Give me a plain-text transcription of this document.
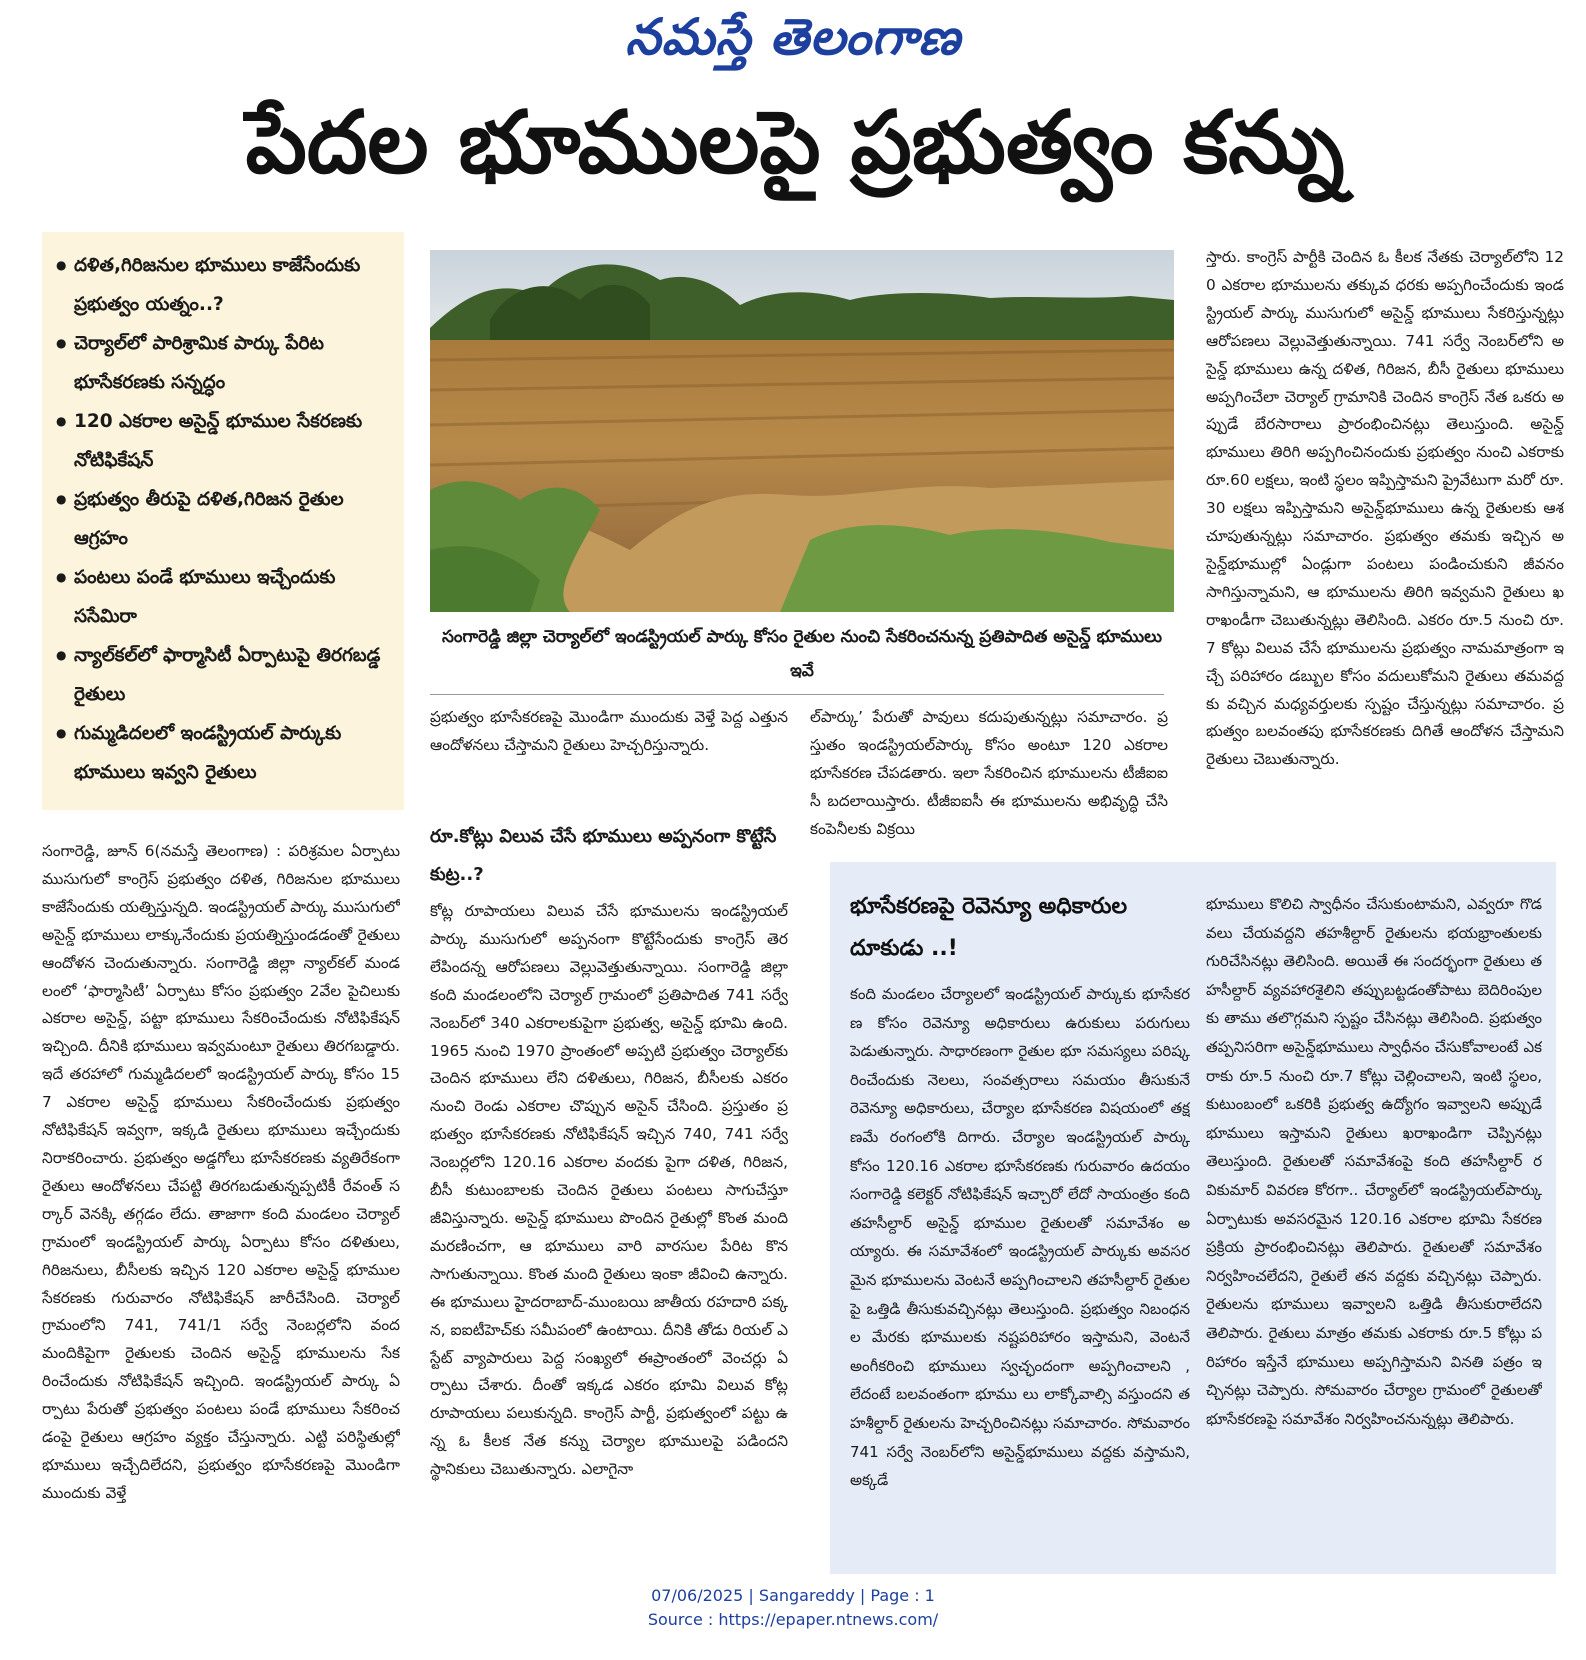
నమస్తే తెలంగాణ
పేదల భూములపై ప్రభుత్వం కన్ను
● దళిత,గిరిజనుల భూములు కాజేసేందుకు ప్రభుత్వం యత్నం..?
● చెర్యాల్‌లో పారిశ్రామిక పార్కు పేరిట భూసేకరణకు సన్నద్ధం
● 120 ఎకరాల అసైన్డ్ భూముల సేకరణకు నోటిఫికేషన్
● ప్రభుత్వం తీరుపై దళిత,గిరిజన రైతుల ఆగ్రహం
● పంటలు పండే భూములు ఇచ్చేందుకు ససేమిరా
● న్యాల్‌కల్‌లో ఫార్మాసిటీ ఏర్పాటుపై తిరగబడ్డ రైతులు
● గుమ్మడిదలలో ఇండస్ట్రియల్ పార్కుకు భూములు ఇవ్వని రైతులు
సంగారెడ్డి జిల్లా చెర్యాల్‌లో ఇండస్ట్రియల్ పార్కు కోసం రైతుల నుంచి సేకరించనున్న ప్రతిపాదిత అసైన్డ్ భూములు ఇవే
స్తారు. కాంగ్రెస్ పార్టీకి చెందిన ఓ కీలక నేతకు చెర్యాల్‌లోని 120 ఎకరాల భూములను తక్కువ ధరకు అప్పగించేందుకు ఇండస్ట్రియల్ పార్కు ముసుగులో అసైన్డ్ భూములు సేకరిస్తున్నట్లు ఆరోపణలు వెల్లువెత్తుతున్నాయి. 741 సర్వే నెంబర్‌లోని అసైన్డ్ భూములు ఉన్న దళిత, గిరిజన, బీసీ రైతులు భూములు అప్పగించేలా చెర్యాల్ గ్రామానికి చెందిన కాంగ్రెస్ నేత ఒకరు అప్పుడే బేరసారాలు ప్రారంభించినట్లు తెలుస్తుంది. అసైన్డ్ భూములు తిరిగి అప్పగించినందుకు ప్రభుత్వం నుంచి ఎకరాకు రూ.60 లక్షలు, ఇంటి స్థలం ఇప్పిస్తామని ప్రైవేటుగా మరో రూ.30 లక్షలు ఇప్పిస్తామని అసైన్డ్‌భూములు ఉన్న రైతులకు ఆశచూపుతున్నట్లు సమాచారం. ప్రభుత్వం తమకు ఇచ్చిన అసైన్డ్‌భూముల్లో ఏండ్లుగా పంటలు పండించుకుని జీవనం సాగిస్తున్నామని, ఆ భూములను తిరిగి ఇవ్వమని రైతులు ఖరాఖండీగా చెబుతున్నట్లు తెలిసింది. ఎకరం రూ.5 నుంచి రూ.7 కోట్లు విలువ చేసే భూములను ప్రభుత్వం నామమాత్రంగా ఇచ్చే పరిహారం డబ్బుల కోసం వదులుకోమని రైతులు తమవద్దకు వచ్చిన మధ్యవర్తులకు స్పష్టం చేస్తున్నట్లు సమాచారం. ప్రభుత్వం బలవంతపు భూసేకరణకు దిగితే ఆందోళన చేస్తామని రైతులు చెబుతున్నారు.
ప్రభుత్వం భూసేకరణపై మొండిగా ముందుకు వెళ్తే పెద్ద ఎత్తున ఆందోళనలు చేస్తామని రైతులు హెచ్చరిస్తున్నారు.
ల్‌పార్కు’ పేరుతో పావులు కదుపుతున్నట్లు సమాచారం. ప్రస్తుతం ఇండస్ట్రియల్‌పార్కు కోసం అంటూ 120 ఎకరాల భూసేకరణ చేపడతారు. ఇలా సేకరించిన భూములను టీజీఐఐసీ బదలాయిస్తారు. టీజీఐఐసీ ఈ భూములను అభివృద్ధి చేసి కంపెనీలకు విక్రయి
సంగారెడ్డి, జూన్ 6(నమస్తే తెలంగాణ) : పరిశ్రమల ఏర్పాటు ముసుగులో కాంగ్రెస్ ప్రభుత్వం దళిత, గిరిజనుల భూములు కాజేసేందుకు యత్నిస్తున్నది. ఇండస్ట్రియల్ పార్కు ముసుగులో అసైన్డ్ భూములు లాక్కునేందుకు ప్రయత్నిస్తుండడంతో రైతులు ఆందోళన చెందుతున్నారు. సంగారెడ్డి జిల్లా న్యాల్‌కల్ మండలంలో ‘ఫార్మాసిటీ’ ఏర్పాటు కోసం ప్రభుత్వం 2వేల పైచిలుకు ఎకరాల అసైన్డ్, పట్టా భూములు సేకరించేందుకు నోటిఫికేషన్ ఇచ్చింది. దీనికి భూములు ఇవ్వమంటూ రైతులు తిరగబడ్డారు. ఇదే తరహాలో గుమ్మడిదలలో ఇండస్ట్రియల్ పార్కు కోసం 157 ఎకరాల అసైన్డ్ భూములు సేకరించేందుకు ప్రభుత్వం నోటిఫికేషన్ ఇవ్వగా, ఇక్కడి రైతులు భూములు ఇచ్చేందుకు నిరాకరించారు. ప్రభుత్వం అడ్డగోలు భూసేకరణకు వ్యతిరేకంగా రైతులు ఆందోళనలు చేపట్టి తిరగబడుతున్నప్పటికీ రేవంత్ సర్కార్ వెనక్కి తగ్గడం లేదు. తాజాగా కంది మండలం చెర్యాల్ గ్రామంలో ఇండస్ట్రియల్ పార్కు ఏర్పాటు కోసం దళితులు, గిరిజనులు, బీసీలకు ఇచ్చిన 120 ఎకరాల అసైన్డ్ భూముల సేకరణకు గురువారం నోటిఫికేషన్ జారీచేసింది. చెర్యాల్ గ్రామంలోని 741, 741/1 సర్వే నెంబర్లలోని వంద మందికిపైగా రైతులకు చెందిన అసైన్డ్ భూములను సేకరించేందుకు నోటిఫికేషన్ ఇచ్చింది. ఇండస్ట్రియల్ పార్కు ఏర్పాటు పేరుతో ప్రభుత్వం పంటలు పండే భూములు సేకరించడంపై రైతులు ఆగ్రహం వ్యక్తం చేస్తున్నారు. ఎట్టి పరిస్థితుల్లో భూములు ఇచ్చేదిలేదని, ప్రభుత్వం భూసేకరణపై మొండిగా ముందుకు వెళ్తే
రూ.కోట్లు విలువ చేసే భూములు అప్పనంగా కొట్టేసే కుట్ర..?
కోట్ల రూపాయలు విలువ చేసే భూములను ఇండస్ట్రియల్ పార్కు ముసుగులో అప్పనంగా కొట్టేసేందుకు కాంగ్రెస్ తెరలేపిందన్న ఆరోపణలు వెల్లువెత్తుతున్నాయి. సంగారెడ్డి జిల్లా కంది మండలంలోని చెర్యాల్ గ్రామంలో ప్రతిపాదిత 741 సర్వే నెంబర్‌లో 340 ఎకరాలకుపైగా ప్రభుత్వ, అసైన్డ్ భూమి ఉంది. 1965 నుంచి 1970 ప్రాంతంలో అప్పటి ప్రభుత్వం చెర్యాల్‌కు చెందిన భూములు లేని దళితులు, గిరిజన, బీసీలకు ఎకరం నుంచి రెండు ఎకరాల చొప్పున అసైన్ చేసింది. ప్రస్తుతం ప్రభుత్వం భూసేకరణకు నోటిఫికేషన్ ఇచ్చిన 740, 741 సర్వే నెంబర్లలోని 120.16 ఎకరాల వందకు పైగా దళిత, గిరిజన, బీసీ కుటుంబాలకు చెందిన రైతులు పంటలు సాగుచేస్తూ జీవిస్తున్నారు. అసైన్డ్ భూములు పొందిన రైతుల్లో కొంత మంది మరణించగా, ఆ భూములు వారి వారసుల పేరిట కొనసాగుతున్నాయి. కొంత మంది రైతులు ఇంకా జీవించి ఉన్నారు. ఈ భూములు హైదరాబాద్-ముంబయి జాతీయ రహదారి పక్కన, ఐఐటీహెచ్‌కు సమీపంలో ఉంటాయి. దీనికి తోడు రియల్ ఎస్టేట్ వ్యాపారులు పెద్ద సంఖ్యలో ఈప్రాంతంలో వెంచర్లు ఏర్పాటు చేశారు. దీంతో ఇక్కడ ఎకరం భూమి విలువ కోట్ల రూపాయలు పలుకున్నది. కాంగ్రెస్ పార్టీ, ప్రభుత్వంలో పట్టు ఉన్న ఓ కీలక నేత కన్ను చెర్యాల భూములపై పడిందని స్థానికులు చెబుతున్నారు. ఎలాగైనా
భూసేకరణపై రెవెన్యూ అధికారుల దూకుడు ..!
కంది మండలం చేర్యాలలో ఇండస్ట్రియల్ పార్కుకు భూసేకరణ కోసం రెవెన్యూ అధికారులు ఉరుకులు పరుగులు పెడుతున్నారు. సాధారణంగా రైతుల భూ సమస్యలు పరిష్కరించేందుకు నెలలు, సంవత్సరాలు సమయం తీసుకునే రెవెన్యూ అధికారులు, చేర్యాల భూసేకరణ విషయంలో తక్షణమే రంగంలోకి దిగారు. చేర్యాల ఇండస్ట్రియల్ పార్కు కోసం 120.16 ఎకరాల భూసేకరణకు గురువారం ఉదయం సంగారెడ్డి కలెక్టర్ నోటిఫికేషన్ ఇచ్చారో లేదో సాయంత్రం కంది తహసీల్దార్ అసైన్డ్ భూముల రైతులతో సమావేశం అయ్యారు. ఈ సమావేశంలో ఇండస్ట్రియల్ పార్కుకు అవసరమైన భూములను వెంటనే అప్పగించాలని తహసీల్దార్ రైతులపై ఒత్తిడి తీసుకువచ్చినట్లు తెలుస్తుంది. ప్రభుత్వం నిబంధనల మేరకు భూములకు నష్టపరిహారం ఇస్తామని, వెంటనే అంగీకరించి భూములు స్వచ్ఛందంగా అప్పగించాలని , లేదంటే బలవంతంగా భూము లు లాక్కోవాల్సి వస్తుందని తహశీల్దార్ రైతులను హెచ్చరించినట్లు సమాచారం. సోమవారం 741 సర్వే నెంబర్‌లోని అసైన్డ్‌భూములు వద్దకు వస్తామని, అక్కడే
భూములు కొలిచి స్వాధీనం చేసుకుంటామని, ఎవ్వరూ గొడవలు చేయవద్దని తహశీల్దార్ రైతులను భయభ్రాంతులకు గురిచేసినట్లు తెలిసింది. అయితే ఈ సందర్భంగా రైతులు తహసీల్దార్ వ్యవహారశైలిని తప్పుబట్టడంతోపాటు బెదిరింపులకు తాము తలొగ్గమని స్పష్టం చేసినట్లు తెలిసింది. ప్రభుత్వం తప్పనిసరిగా అసైన్డ్‌భూములు స్వాధీనం చేసుకోవాలంటే ఎకరాకు రూ.5 నుంచి రూ.7 కోట్లు చెల్లించాలని, ఇంటి స్థలం, కుటుంబంలో ఒకరికి ప్రభుత్వ ఉద్యోగం ఇవ్వాలని అప్పుడే భూములు ఇస్తామని రైతులు ఖరాఖండిగా చెప్పినట్లు తెలుస్తుంది. రైతులతో సమావేశంపై కంది తహసీల్దార్ రవికుమార్ వివరణ కోరగా.. చేర్యాల్‌లో ఇండస్ట్రియల్‌పార్కు ఏర్పాటుకు అవసరమైన 120.16 ఎకరాల భూమి సేకరణ ప్రక్రియ ప్రారంభించినట్లు తెలిపారు. రైతులతో సమావేశం నిర్వహించలేదని, రైతులే తన వద్దకు వచ్చినట్లు చెప్పారు. రైతులను భూములు ఇవ్వాలని ఒత్తిడి తీసుకురాలేదని తెలిపారు. రైతులు మాత్రం తమకు ఎకరాకు రూ.5 కోట్లు పరిహారం ఇస్తేనే భూములు అప్పగిస్తామని వినతి పత్రం ఇచ్చినట్లు చెప్పారు. సోమవారం చేర్యాల గ్రామంలో రైతులతో భూసేకరణపై సమావేశం నిర్వహించనున్నట్లు తెలిపారు.
07/06/2025 | Sangareddy | Page : 1
Source : https://epaper.ntnews.com/
